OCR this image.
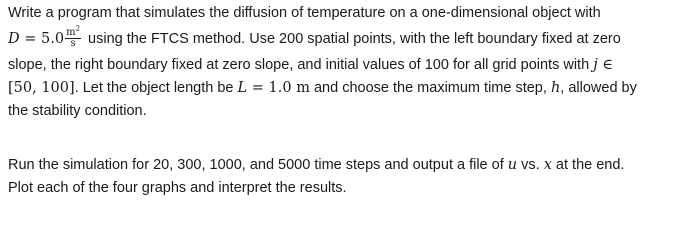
Write a program that simulates the diffusion of temperature on a one-dimensional object with
$D = 5.0 \frac{m^2}{s}$ using the FTCS method. Use 200 spatial points, with the left boundary fixed at zero
slope, the right boundary fixed at zero slope, and initial values of 100 for all grid points with j ∈
[50, 100]. Let the object length be L = 1.0 m and choose the maximum time step, h, allowed by
the stability condition.
Run the simulation for 20, 300, 1000, and 5000 time steps and output a file of u vs. x at the end.
Plot each of the four graphs and interpret the results.
